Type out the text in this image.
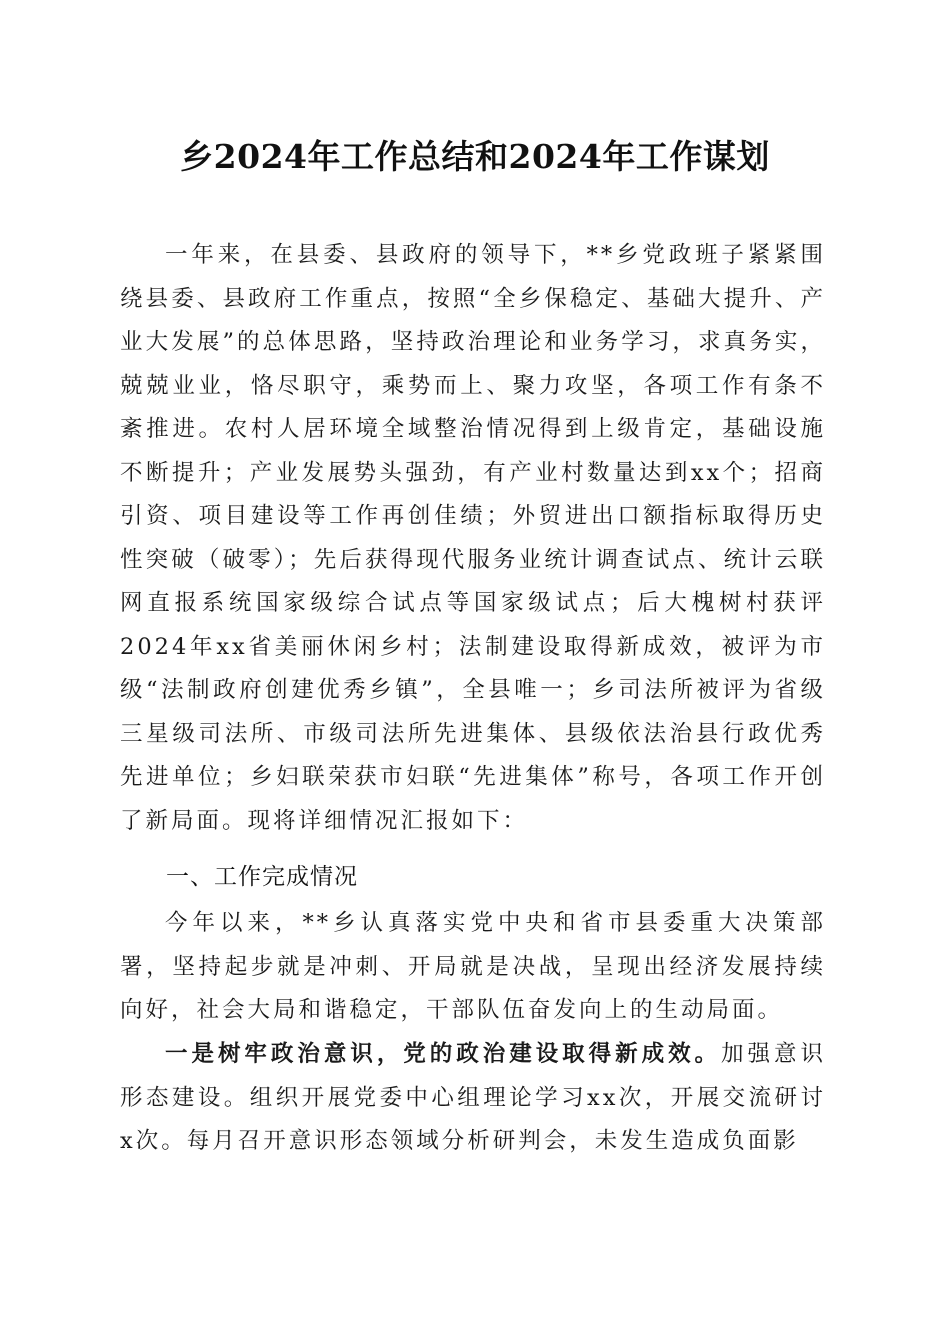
乡2024年工作总结和2024年工作谋划
一年来，在县委、县政府的领导下，**乡党政班子紧紧围绕县委、县政府工作重点，按照“全乡保稳定、基础大提升、产业大发展”的总体思路，坚持政治理论和业务学习，求真务实，兢兢业业，恪尽职守，乘势而上、聚力攻坚，各项工作有条不紊推进。农村人居环境全域整治情况得到上级肯定，基础设施不断提升；产业发展势头强劲，有产业村数量达到xx个；招商引资、项目建设等工作再创佳绩；外贸进出口额指标取得历史性突破（破零）；先后获得现代服务业统计调查试点、统计云联网直报系统国家级综合试点等国家级试点；后大槐树村获评2024年xx省美丽休闲乡村；法制建设取得新成效，被评为市级“法制政府创建优秀乡镇”，全县唯一；乡司法所被评为省级三星级司法所、市级司法所先进集体、县级依法治县行政优秀先进单位；乡妇联荣获市妇联“先进集体”称号，各项工作开创了新局面。现将详细情况汇报如下：
一、工作完成情况
今年以来，**乡认真落实党中央和省市县委重大决策部署，坚持起步就是冲刺、开局就是决战，呈现出经济发展持续向好，社会大局和谐稳定，干部队伍奋发向上的生动局面。
一是树牢政治意识，党的政治建设取得新成效。加强意识形态建设。组织开展党委中心组理论学习xx次，开展交流研讨x次。每月召开意识形态领域分析研判会，未发生造成负面影
